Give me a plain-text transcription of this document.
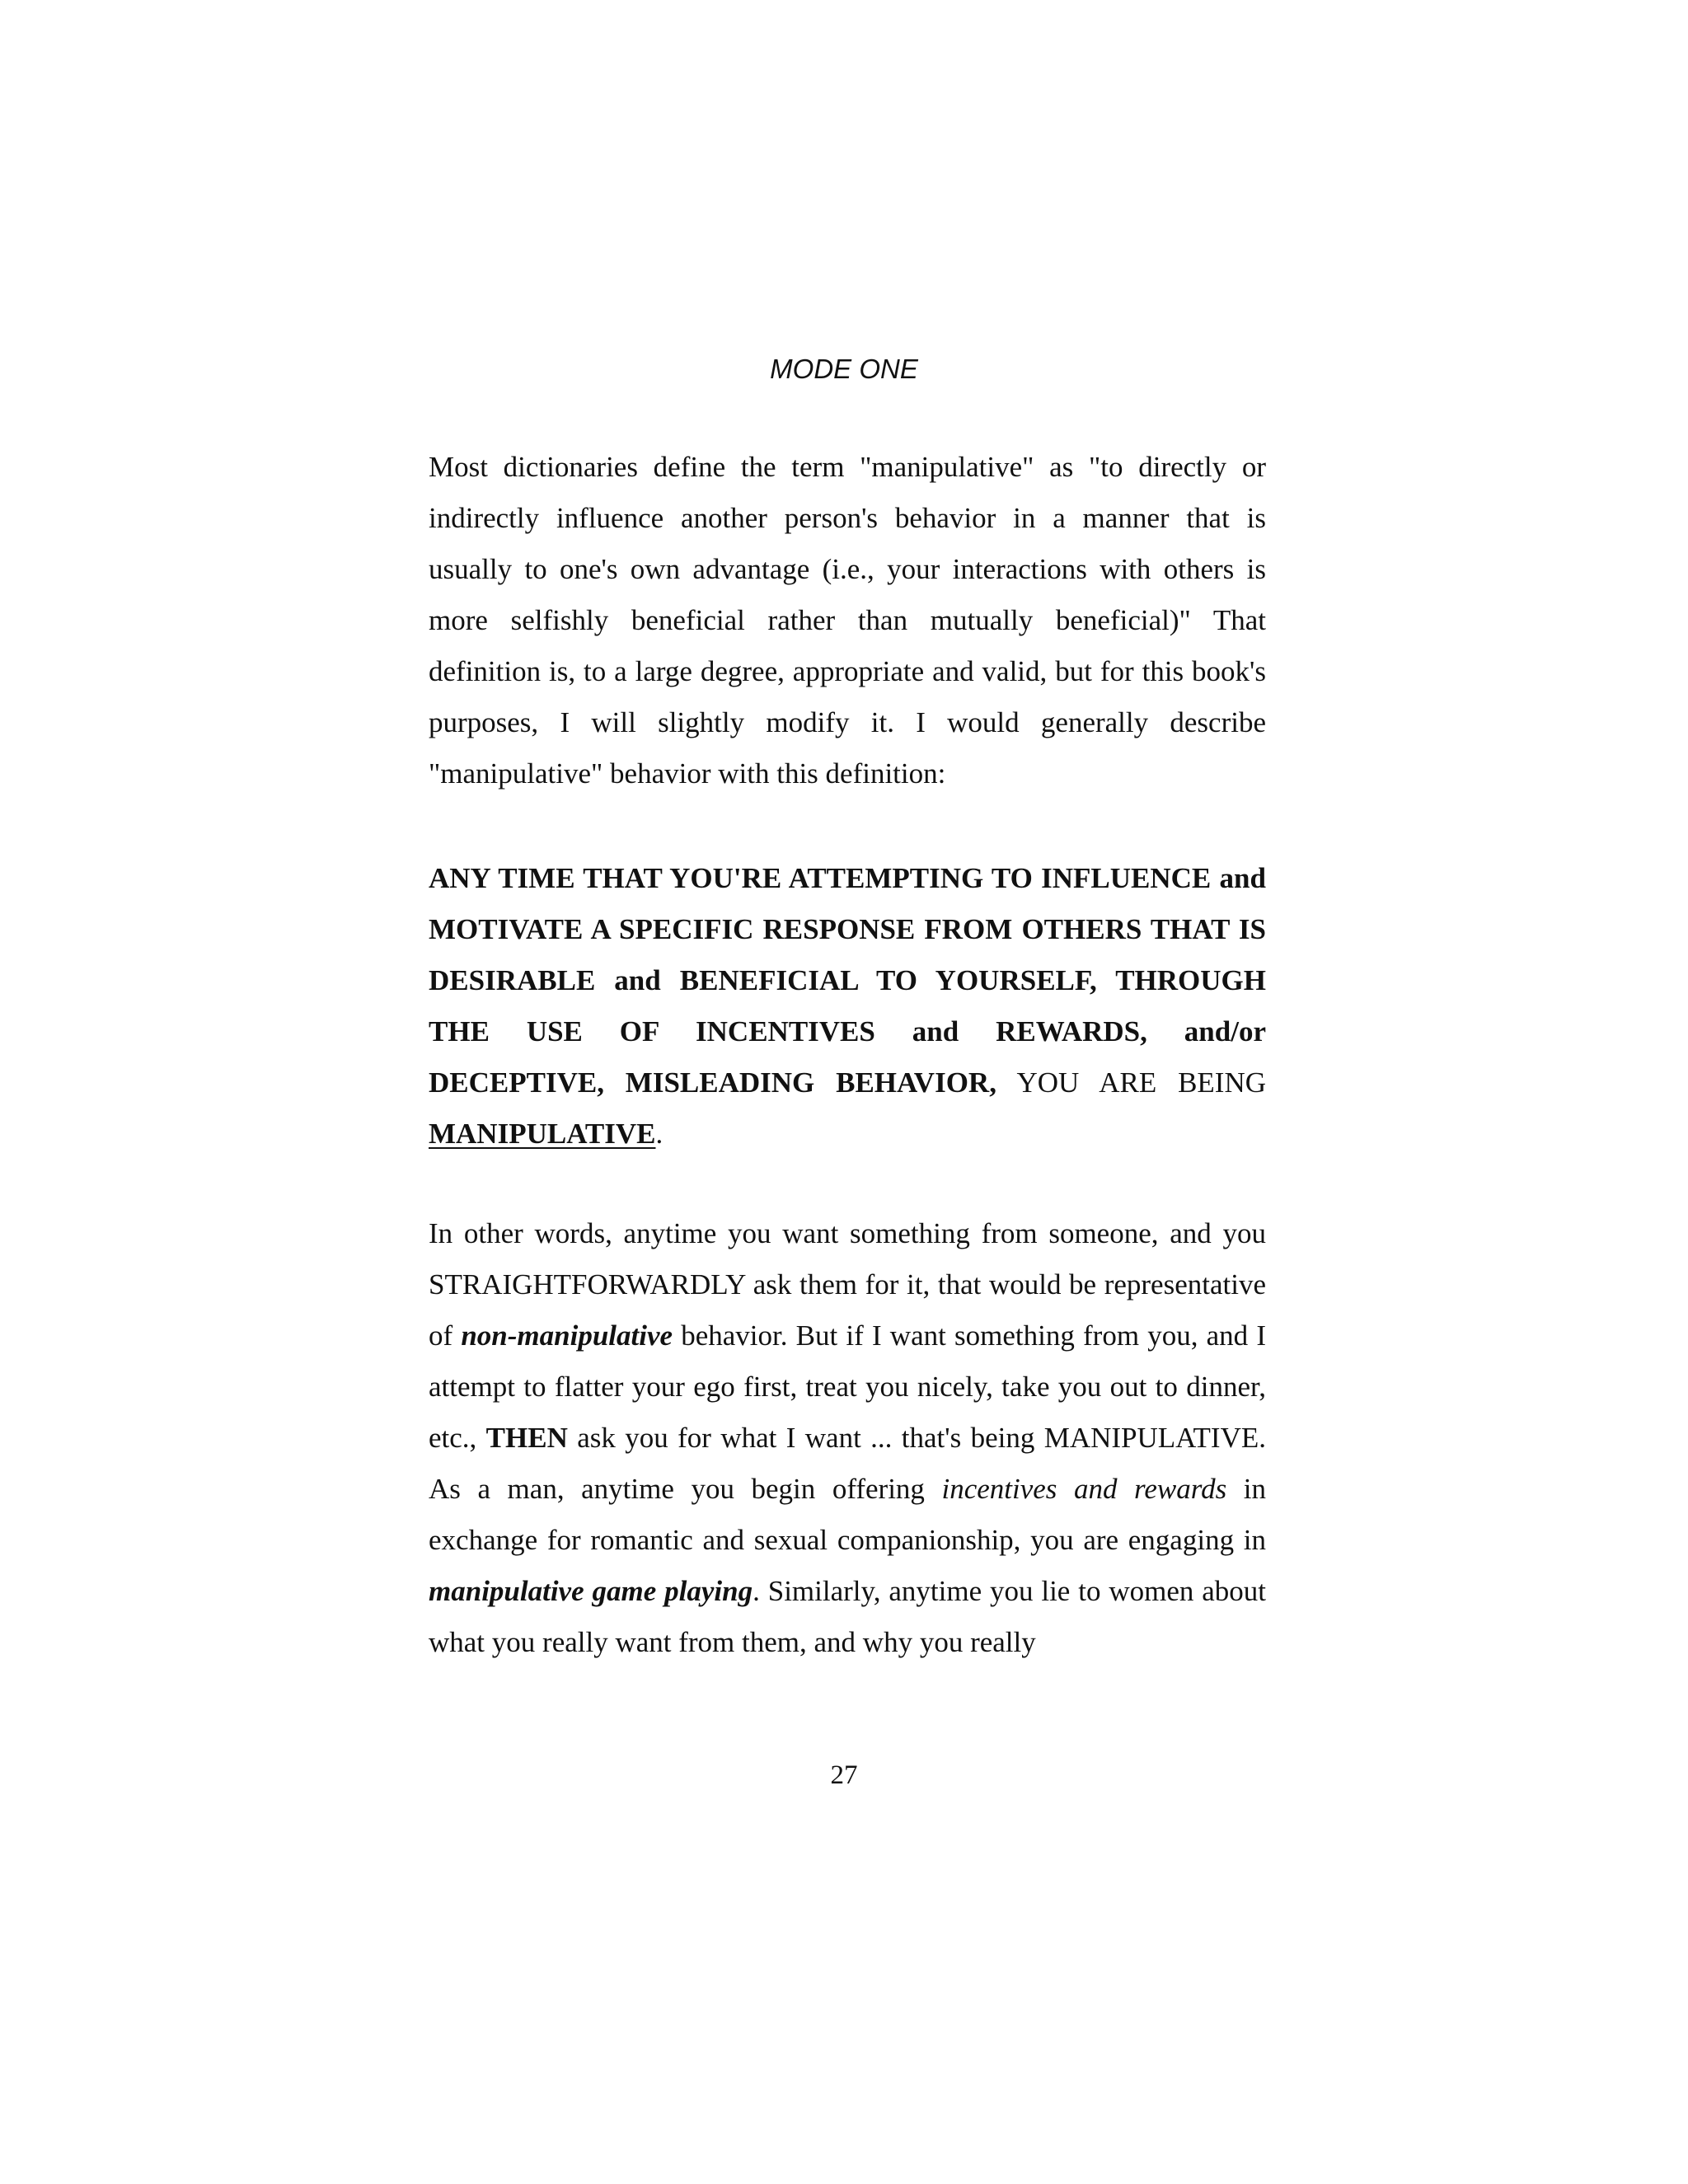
MODE ONE

Most dictionaries define the term "manipulative" as "to directly or indirectly influence another person's behavior in a manner that is usually to one's own advantage (i.e., your interactions with others is more selfishly beneficial rather than mutually beneficial)" That definition is, to a large degree, appropriate and valid, but for this book's purposes, I will slightly modify it. I would generally describe "manipulative" behavior with this definition:

ANY TIME THAT YOU'RE ATTEMPTING TO INFLUENCE and MOTIVATE A SPECIFIC RESPONSE FROM OTHERS THAT IS DESIRABLE and BENEFICIAL TO YOURSELF, THROUGH THE USE OF INCENTIVES and REWARDS, and/or DECEPTIVE, MISLEADING BEHAVIOR, YOU ARE BEING MANIPULATIVE.

In other words, anytime you want something from someone, and you STRAIGHTFORWARDLY ask them for it, that would be representative of non-manipulative behavior. But if I want something from you, and I attempt to flatter your ego first, treat you nicely, take you out to dinner, etc., THEN ask you for what I want ... that's being MANIPULATIVE. As a man, anytime you begin offering incentives and rewards in exchange for romantic and sexual companionship, you are engaging in manipulative game playing. Similarly, anytime you lie to women about what you really want from them, and why you really

27
